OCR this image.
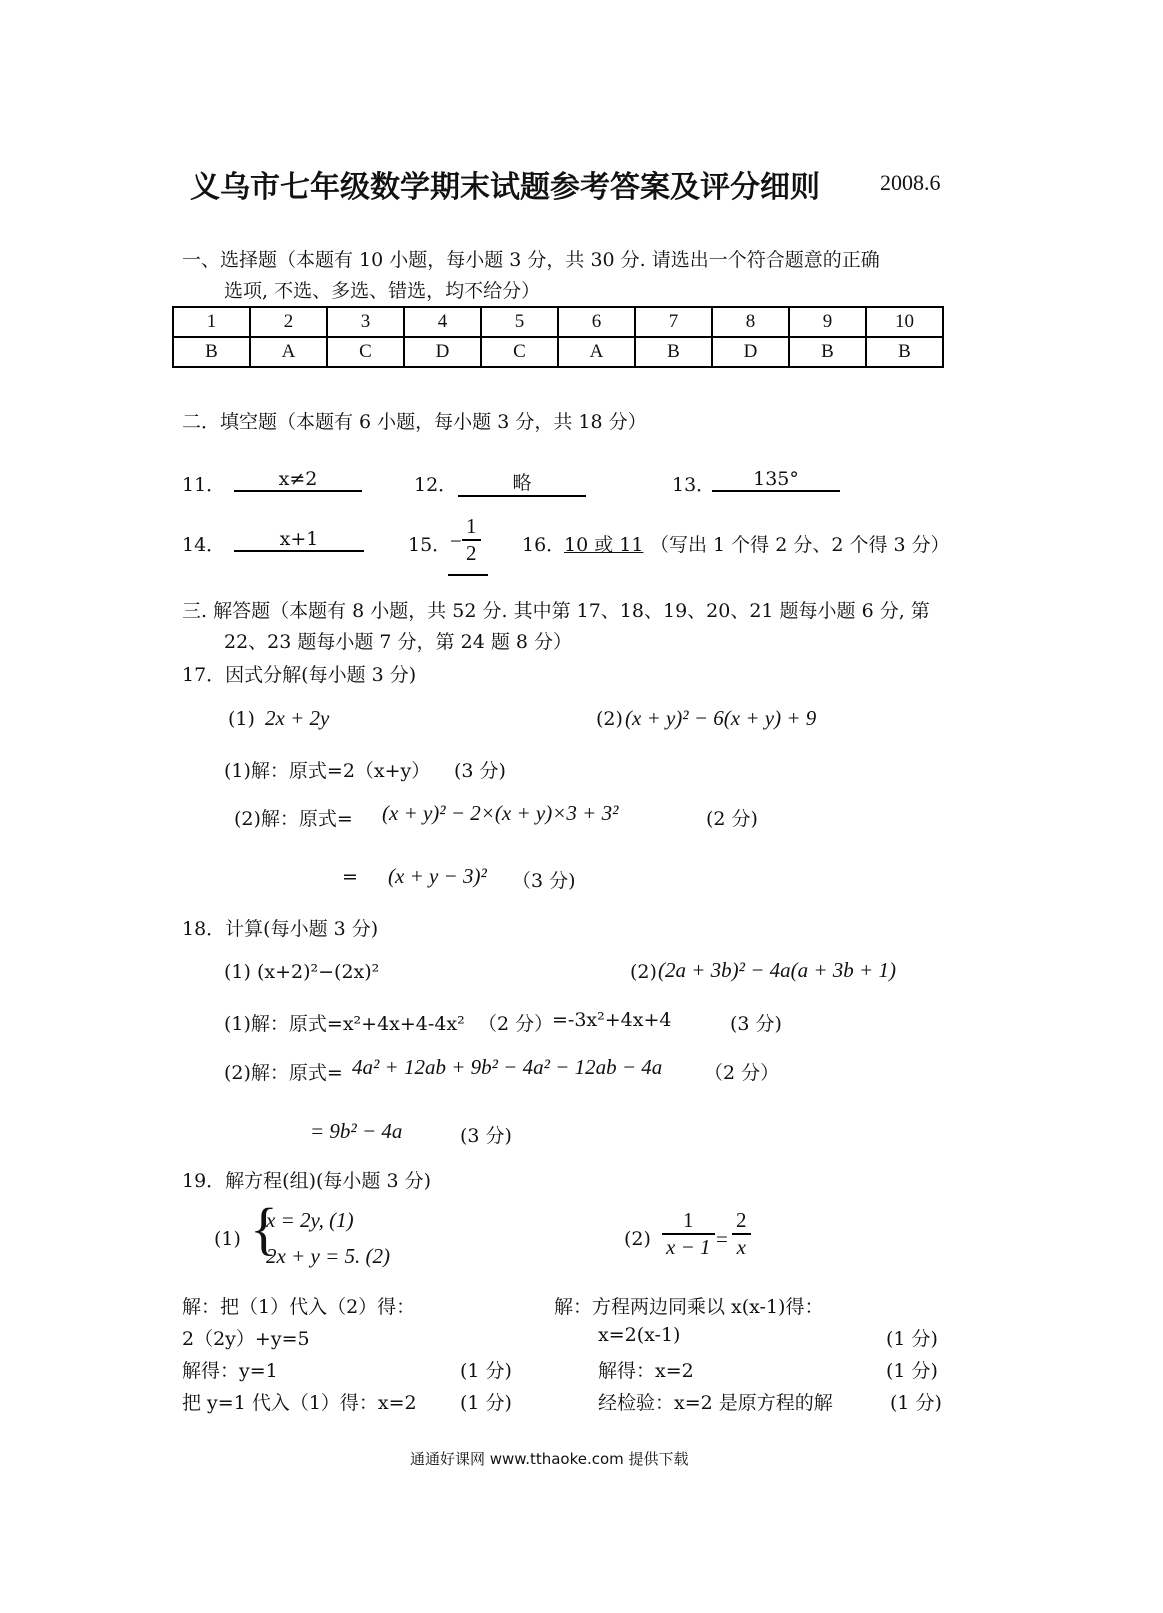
义乌市七年级数学期末试题参考答案及评分细则	2008.6
一、选择题（本题有 10 小题，每小题 3 分，共 30 分. 请选出一个符合题意的正确
选项, 不选、多选、错选，均不给分）
1	2	3	4	5	6	7	8	9	10
B	A	C	D	C	A	B	D	B	B
二．填空题（本题有 6 小题，每小题 3 分，共 18 分）
11．	x≠2	12．	略	13．	135°
14．	x+1	15．
− $\frac{1}{2} 16$．
10 或 11 （写出 1 个得 2 分、2 个得 3 分）
三. 解答题（本题有 8 小题，共 52 分. 其中第 17、18、19、20、21 题每小题 6 分, 第
22、23 题每小题 7 分，第 24 题 8 分）
17．因式分解(每小题 3 分)
(1) 2x + 2y	(2) (x + y)² − 6(x + y) + 9
(1)解：原式=2（x+y） (3 分)
(2)解：原式= (x + y)² − 2×(x + y)×3 + 3²	(2 分)
= (x + y − 3)² （3 分)
18．计算(每小题 3 分)
(1) (x+2)²−(2x)²	(2) (2a + 3b)² − 4a(a + 3b + 1)
(1)解：原式=x²+4x+4-4x² （2 分）
=-3x²+4x+4	(3 分)
(2)解：原式= 4a² + 12ab + 9b² − 4a² − 12ab − 4a （2 分）
= 9b² − 4a	(3 分)
19．解方程(组)(每小题 3 分)
(1) {
x = 2y, (1)
2x + y = 5. (2)
$(2) \frac{1}{x - 1} = \frac{2}{x}$
解：把（1）代入（2）得：
2（2y）+y=5
解得：y=1	(1 分)
把 y=1 代入（1）得：x=2 (1 分)
解：方程两边同乘以 x(x-1)得：
x=2(x-1)	(1 分)
解得：x=2	(1 分)
经检验：x=2 是原方程的解	(1 分)
通通好课网 www.tthaoke.com 提供下载
